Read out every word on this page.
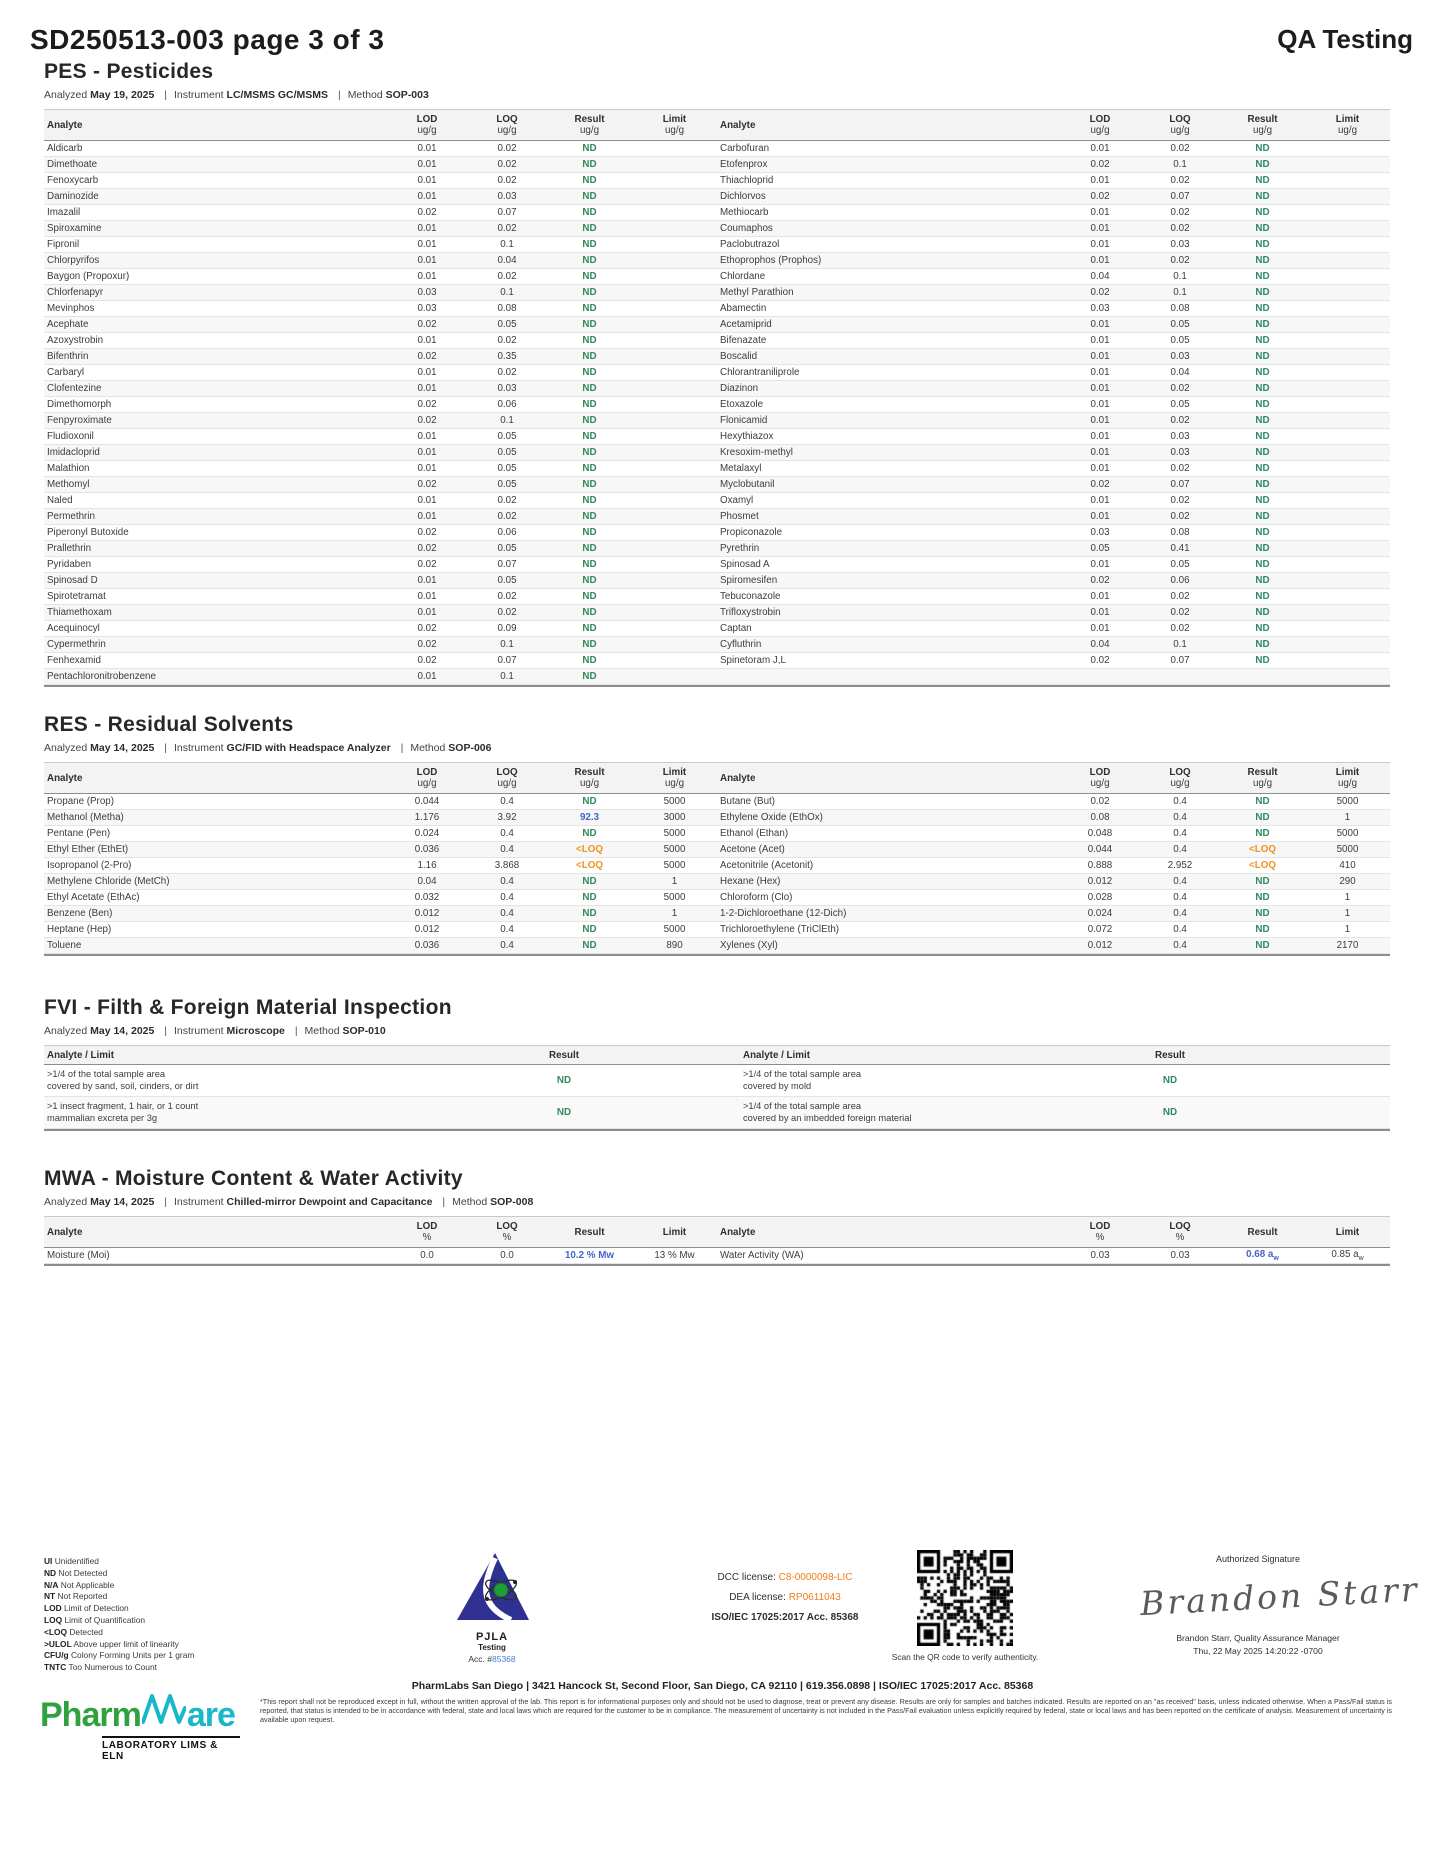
SD250513-003 page 3 of 3	QA Testing
PES - Pesticides
Analyzed May 19, 2025 | Instrument LC/MSMS GC/MSMS | Method SOP-003
Analyte	LOD
ug/g
LOQ
ug/g
Result
ug/g
Limit
ug/g
Aldicarb	0.01	0.02	ND
Dimethoate	0.01	0.02	ND
Fenoxycarb	0.01	0.02	ND
Daminozide	0.01	0.03	ND
Imazalil	0.02	0.07	ND
Spiroxamine	0.01	0.02	ND
Fipronil	0.01	0.1	ND
Chlorpyrifos	0.01	0.04	ND
Baygon (Propoxur)	0.01	0.02	ND
Chlorfenapyr	0.03	0.1	ND
Mevinphos	0.03	0.08	ND
Acephate	0.02	0.05	ND
Azoxystrobin	0.01	0.02	ND
Bifenthrin	0.02	0.35	ND
Carbaryl	0.01	0.02	ND
Clofentezine	0.01	0.03	ND
Dimethomorph	0.02	0.06	ND
Fenpyroximate	0.02	0.1	ND
Fludioxonil	0.01	0.05	ND
Imidacloprid	0.01	0.05	ND
Malathion	0.01	0.05	ND
Methomyl	0.02	0.05	ND
Naled	0.01	0.02	ND
Permethrin	0.01	0.02	ND
Piperonyl Butoxide	0.02	0.06	ND
Prallethrin	0.02	0.05	ND
Pyridaben	0.02	0.07	ND
Spinosad D	0.01	0.05	ND
Spirotetramat	0.01	0.02	ND
Thiamethoxam	0.01	0.02	ND
Acequinocyl	0.02	0.09	ND
Cypermethrin	0.02	0.1	ND
Fenhexamid	0.02	0.07	ND
Pentachloronitrobenzene	0.01	0.1	ND
Analyte	LOD
ug/g
LOQ
ug/g
Result
ug/g
Limit
ug/g
Carbofuran	0.01	0.02	ND
Etofenprox	0.02	0.1	ND
Thiachloprid	0.01	0.02	ND
Dichlorvos	0.02	0.07	ND
Methiocarb	0.01	0.02	ND
Coumaphos	0.01	0.02	ND
Paclobutrazol	0.01	0.03	ND
Ethoprophos (Prophos)	0.01	0.02	ND
Chlordane	0.04	0.1	ND
Methyl Parathion	0.02	0.1	ND
Abamectin	0.03	0.08	ND
Acetamiprid	0.01	0.05	ND
Bifenazate	0.01	0.05	ND
Boscalid	0.01	0.03	ND
Chlorantraniliprole	0.01	0.04	ND
Diazinon	0.01	0.02	ND
Etoxazole	0.01	0.05	ND
Flonicamid	0.01	0.02	ND
Hexythiazox	0.01	0.03	ND
Kresoxim-methyl	0.01	0.03	ND
Metalaxyl	0.01	0.02	ND
Myclobutanil	0.02	0.07	ND
Oxamyl	0.01	0.02	ND
Phosmet	0.01	0.02	ND
Propiconazole	0.03	0.08	ND
Pyrethrin	0.05	0.41	ND
Spinosad A	0.01	0.05	ND
Spiromesifen	0.02	0.06	ND
Tebuconazole	0.01	0.02	ND
Trifloxystrobin	0.01	0.02	ND
Captan	0.01	0.02	ND
Cyfluthrin	0.04	0.1	ND
Spinetoram J,L	0.02	0.07	ND
RES - Residual Solvents
Analyzed May 14, 2025 | Instrument GC/FID with Headspace Analyzer | Method SOP-006
Analyte	LOD
ug/g
LOQ
ug/g
Result
ug/g
Limit
ug/g
Propane (Prop)	0.044	0.4	ND	5000
Methanol (Metha)	1.176	3.92	92.3	3000
Pentane (Pen)	0.024	0.4	ND	5000
Ethyl Ether (EthEt)	0.036	0.4	<LOQ	5000
Isopropanol (2-Pro)	1.16	3.868	<LOQ	5000
Methylene Chloride (MetCh)	0.04	0.4	ND	1
Ethyl Acetate (EthAc)	0.032	0.4	ND	5000
Benzene (Ben)	0.012	0.4	ND	1
Heptane (Hep)	0.012	0.4	ND	5000
Toluene	0.036	0.4	ND	890
Analyte	LOD
ug/g
LOQ
ug/g
Result
ug/g
Limit
ug/g
Butane (But)	0.02	0.4	ND	5000
Ethylene Oxide (EthOx)	0.08	0.4	ND	1
Ethanol (Ethan)	0.048	0.4	ND	5000
Acetone (Acet)	0.044	0.4	<LOQ	5000
Acetonitrile (Acetonit)	0.888	2.952	<LOQ	410
Hexane (Hex)	0.012	0.4	ND	290
Chloroform (Clo)	0.028	0.4	ND	1
1-2-Dichloroethane (12-Dich)	0.024	0.4	ND	1
Trichloroethylene (TriClEth)	0.072	0.4	ND	1
Xylenes (Xyl)	0.012	0.4	ND	2170
FVI - Filth & Foreign Material Inspection
Analyzed May 14, 2025 | Instrument Microscope | Method SOP-010
Analyte / Limit	Result	Analyte / Limit	Result
>1/4 of the total sample area
covered by sand, soil, cinders, or dirt	ND
>1/4 of the total sample area
covered by mold	ND
>1 insect fragment, 1 hair, or 1 count
mammalian excreta per 3g	ND
>1/4 of the total sample area
covered by an imbedded foreign material	ND
MWA - Moisture Content & Water Activity
Analyzed May 14, 2025 | Instrument Chilled-mirror Dewpoint and Capacitance | Method SOP-008
Analyte	LOD
%
LOQ
%	Result	Limit
Moisture (Moi)	0.0	0.0	10.2 % Mw	13 % Mw
Analyte	LOD
%
LOQ
%	Result	Limit
Water Activity (WA)	0.03	0.03	0.68 $a_w$	0.85 $a_w$
UI Unidentified
ND Not Detected
N/A Not Applicable
NT Not Reported
LOD Limit of Detection
LOQ Limit of Quantification
<LOQ Detected
>ULOL Above upper limit of linearity
CFU/g Colony Forming Units per 1 gram
TNTC Too Numerous to Count
PJLA
Testing
Acc. #85368
DCC license: C8-0000098-LIC
DEA license: RP0611043
ISO/IEC 17025:2017 Acc. 85368
Scan the QR code to verify authenticity.
Authorized Signature
Brandon Starr
Brandon Starr, Quality Assurance Manager
Thu, 22 May 2025 14:20:22 -0700
PharmLabs San Diego | 3421 Hancock St, Second Floor, San Diego, CA 92110 | 619.356.0898 | ISO/IEC 17025:2017 Acc. 85368
*This report shall not be reproduced except in full, without the written approval of the lab. This report is for informational purposes only and should not be used to diagnose, treat or prevent any disease. Results are only for samples and batches indicated. Results are reported on an "as received" basis, unless indicated otherwise. When a Pass/Fail status is reported, that status is intended to be in accordance with federal, state and local laws which are required for the customer to be in compliance. The measurement of uncertainty is not included in the Pass/Fail evaluation unless explicitly required by federal, state or local laws and has been reported on the certificate of analysis. Measurement of uncertainty is available upon request.
Pharm are
LABORATORY LIMS & ELN
